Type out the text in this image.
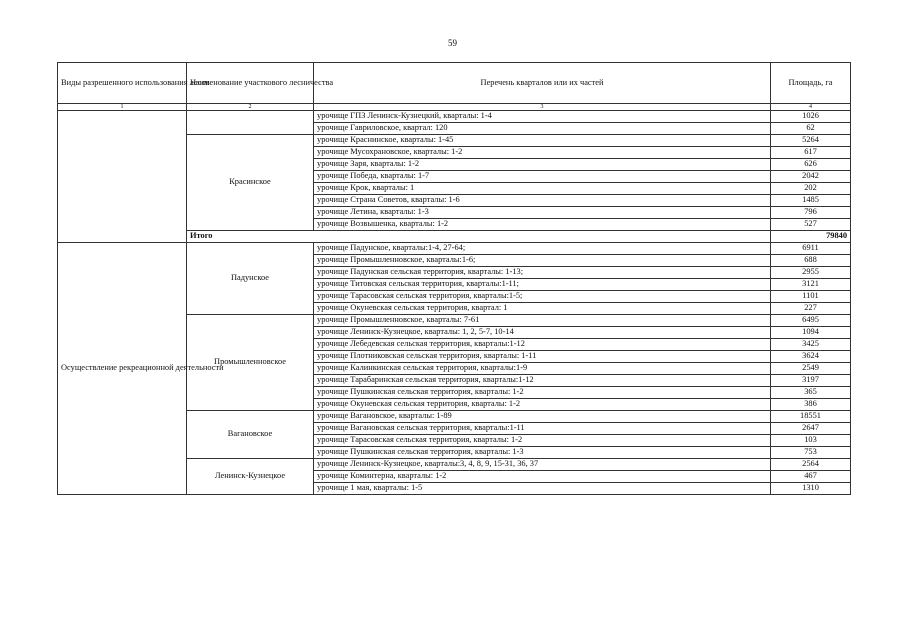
59
Виды разрешенного использования лесов	Наименование участкового лесничества	Перечень кварталов или их частей	Площадь, га
1	2	3	4
		урочище ГПЗ Ленинск-Кузнецкий, кварталы: 1-4	1026
		урочище Гавриловское, квартал: 120	62
	Красинское	урочище Краснинское, кварталы: 1-45	5264
		урочище Мусохрановское, кварталы: 1-2	617
		урочище Заря, кварталы: 1-2	626
		урочище Победа, кварталы: 1-7	2042
		урочище Крок, кварталы: 1	202
		урочище Страна Советов, кварталы: 1-6	1485
		урочище Летина, кварталы: 1-3	796
		урочище Возвышенка, кварталы: 1-2	527
	Итого		79840
Осуществление рекреационной деятельности	Падунское	урочище Падунское, кварталы:1-4, 27-64;	6911
		урочище Промышленновское, кварталы:1-6;	688
		урочище Падунская сельская территория, кварталы: 1-13;	2955
		урочище Титовская сельская территория, кварталы:1-11;	3121
		урочище Тарасовская сельская территория, кварталы:1-5;	1101
		урочище Окуневская сельская территория, квартал: 1	227
	Промышленновское	урочище Промышленновское, кварталы: 7-61	6495
		урочище Ленинск-Кузнецкое, кварталы: 1, 2, 5-7, 10-14	1094
		урочище Лебедевская сельская территория, кварталы:1-12	3425
		урочище Плотниковская сельская территория, кварталы: 1-11	3624
		урочище Калинкинская сельская территория, кварталы:1-9	2549
		урочище Тарабаринская сельская территория, кварталы:1-12	3197
		урочище Пушкинская сельская территория, кварталы: 1-2	365
		урочище Окуневская сельская территория, кварталы: 1-2	386
	Вагановское	урочище Вагановское, кварталы: 1-89	18551
		урочище Вагановская сельская территория, кварталы:1-11	2647
		урочище Тарасовская сельская территория, кварталы: 1-2	103
		урочище Пушкинская сельская территория, кварталы: 1-3	753
	Ленинск-Кузнецкое	урочище Ленинск-Кузнецкое, кварталы:3, 4, 8, 9, 15-31, 36, 37	2564
		урочище Коминтерна, кварталы: 1-2	467
		урочище 1 мая, кварталы: 1-5	1310
